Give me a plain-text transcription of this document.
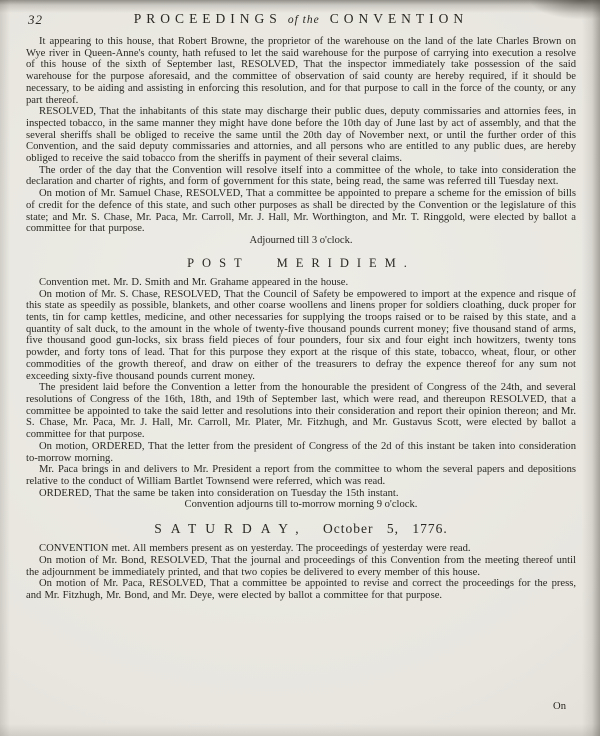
32	PROCEEDINGS of the CONVENTION

It appearing to this house, that Robert Browne, the proprietor of the warehouse on the land of the late Charles Brown on Wye river in Queen-Anne's county, hath refused to let the said warehouse for the purpose of carrying into execution a resolve of this house of the sixth of September last, RESOLVED, That the inspector immediately take possession of the said warehouse for the purpose aforesaid, and the committee of observation of said county are hereby required, if it should be necessary, to be aiding and assisting in enforcing this resolution, and for that purpose to call in the force of the county, or any part thereof.

RESOLVED, That the inhabitants of this state may discharge their public dues, deputy commissaries and attornies fees, in inspected tobacco, in the same manner they might have done before the 10th day of June last by act of assembly, and that the several sheriffs shall be obliged to receive the same until the 20th day of November next, or until the further order of this Convention, and the said deputy commissaries and attornies, and all persons who are entitled to any public dues, are hereby obliged to receive the said tobacco from the sheriffs in payment of their several claims.

The order of the day that the Convention will resolve itself into a committee of the whole, to take into consideration the declaration and charter of rights, and form of government for this state, being read, the same was referred till Tuesday next.

On motion of Mr. Samuel Chase, RESOLVED, That a committee be appointed to prepare a scheme for the emission of bills of credit for the defence of this state, and such other purposes as shall be directed by the Convention or the legislature of this state; and Mr. S. Chase, Mr. Paca, Mr. Carroll, Mr. J. Hall, Mr. Worthington, and Mr. T. Ringgold, were elected by ballot a committee for that purpose.

Adjourned till 3 o'clock.

POST MERIDIEM.

Convention met. Mr. D. Smith and Mr. Grahame appeared in the house.

On motion of Mr. S. Chase, RESOLVED, That the Council of Safety be empowered to import at the expence and risque of this state as speedily as possible, blankets, and other coarse woollens and linens proper for soldiers cloathing, duck proper for tents, tin for camp kettles, medicine, and other necessaries for supplying the troops raised or to be raised by this state, and a quantity of salt duck, to the amount in the whole of twenty-five thousand pounds current money; five thousand stand of arms, five thousand good gun-locks, six brass field pieces of four pounders, four six and four eight inch howitzers, twenty tons powder, and forty tons of lead. That for this purpose they export at the risque of this state, tobacco, wheat, flour, or other commodities of the growth thereof, and draw on either of the treasurers to defray the expence thereof for any sum not exceeding sixty-five thousand pounds current money.

The president laid before the Convention a letter from the honourable the president of Congress of the 24th, and several resolutions of Congress of the 16th, 18th, and 19th of September last, which were read, and thereupon RESOLVED, that a committee be appointed to take the said letter and resolutions into their consideration and report their opinion thereon; and Mr. S. Chase, Mr. Paca, Mr. J. Hall, Mr. Carroll, Mr. Plater, Mr. Fitzhugh, and Mr. Gustavus Scott, were elected by ballot a committee for that purpose.

On motion, ORDERED, That the letter from the president of Congress of the 2d of this instant be taken into consideration to-morrow morning.

Mr. Paca brings in and delivers to Mr. President a report from the committee to whom the several papers and depositions relative to the conduct of William Bartlet Townsend were referred, which was read.

ORDERED, That the same be taken into consideration on Tuesday the 15th instant.

Convention adjourns till to-morrow morning 9 o'clock.

SATURDAY, October 5, 1776.

CONVENTION met. All members present as on yesterday. The proceedings of yesterday were read.

On motion of Mr. Bond, RESOLVED, That the journal and proceedings of this Convention from the meeting thereof until the adjournment be immediately printed, and that two copies be delivered to every member of this house.

On motion of Mr. Paca, RESOLVED, That a committee be appointed to revise and correct the proceedings for the press, and Mr. Fitzhugh, Mr. Bond, and Mr. Deye, were elected by ballot a committee for that purpose.

On
